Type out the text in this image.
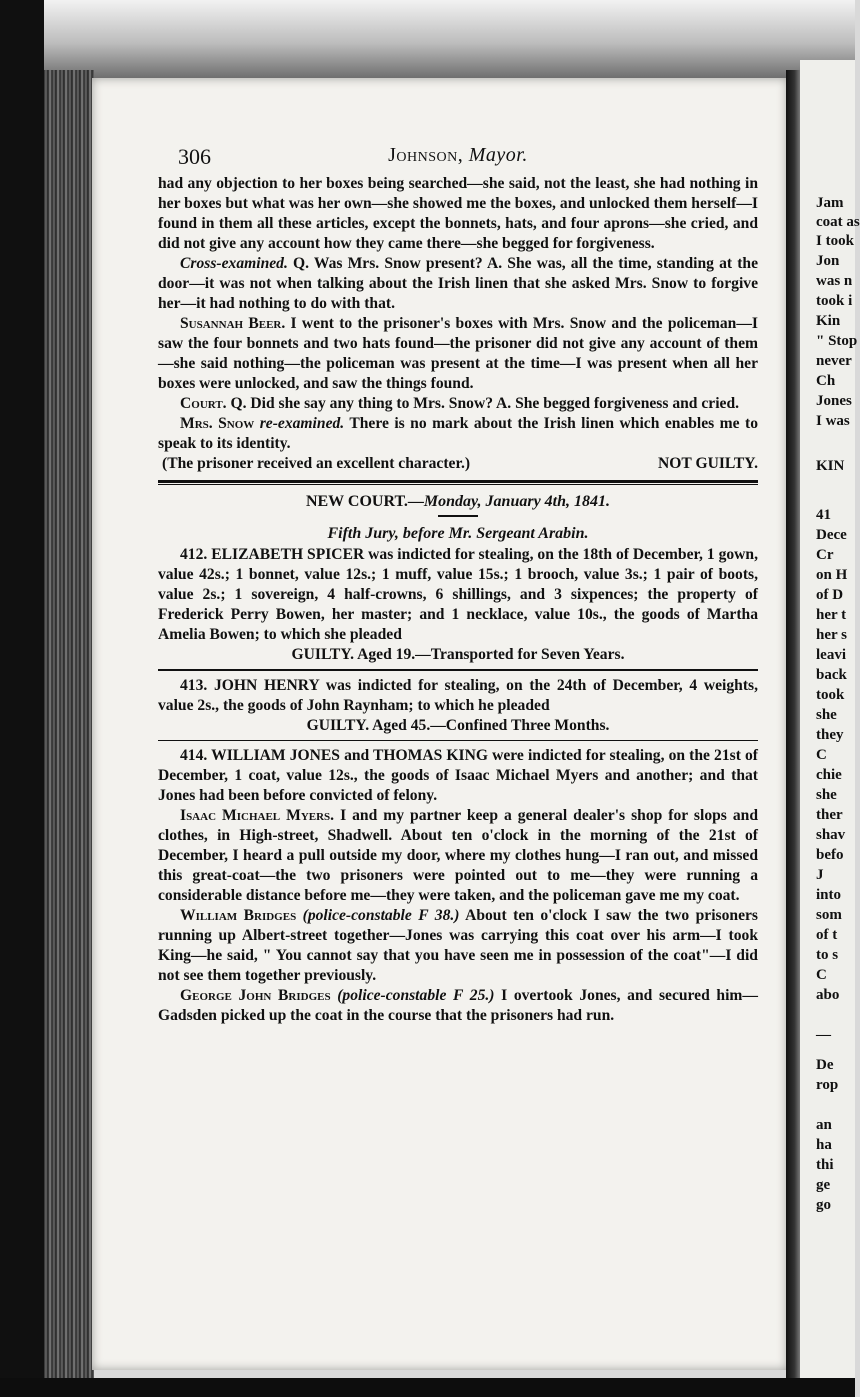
Jam
coat as
I took
Jon
was n
took i
Kin
" Stop
never
Ch
Jones
I was
KIN
41
Dece
Cr
on H
of D
her t
her s
leavi
back
took
she
they
C
chie
she
ther
shav
befo
J
into
som
of t
to s
C
abo
—
De
rop
an
ha
thi
ge
go
306	Johnson, Mayor.

had any objection to her boxes being searched—she said, not the least, she had nothing in her boxes but what was her own—she showed me the boxes, and unlocked them herself—I found in them all these articles, except the bonnets, hats, and four aprons—she cried, and did not give any account how they came there—she begged for forgiveness.

Cross-examined. Q. Was Mrs. Snow present? A. She was, all the time, standing at the door—it was not when talking about the Irish linen that she asked Mrs. Snow to forgive her—it had nothing to do with that.

Susannah Beer. I went to the prisoner's boxes with Mrs. Snow and the policeman—I saw the four bonnets and two hats found—the prisoner did not give any account of them—she said nothing—the policeman was present at the time—I was present when all her boxes were unlocked, and saw the things found.

Court. Q. Did she say any thing to Mrs. Snow? A. She begged forgiveness and cried.

Mrs. Snow re-examined. There is no mark about the Irish linen which enables me to speak to its identity.

(The prisoner received an excellent character.)	NOT GUILTY.
NEW COURT.—Monday, January 4th, 1841.
Fifth Jury, before Mr. Sergeant Arabin.

412. ELIZABETH SPICER was indicted for stealing, on the 18th of December, 1 gown, value 42s.; 1 bonnet, value 12s.; 1 muff, value 15s.; 1 brooch, value 3s.; 1 pair of boots, value 2s.; 1 sovereign, 4 half-crowns, 6 shillings, and 3 sixpences; the property of Frederick Perry Bowen, her master; and 1 necklace, value 10s., the goods of Martha Amelia Bowen; to which she pleaded

GUILTY. Aged 19.—Transported for Seven Years.

413. JOHN HENRY was indicted for stealing, on the 24th of December, 4 weights, value 2s., the goods of John Raynham; to which he pleaded

GUILTY. Aged 45.—Confined Three Months.

414. WILLIAM JONES and THOMAS KING were indicted for stealing, on the 21st of December, 1 coat, value 12s., the goods of Isaac Michael Myers and another; and that Jones had been before convicted of felony.

Isaac Michael Myers. I and my partner keep a general dealer's shop for slops and clothes, in High-street, Shadwell. About ten o'clock in the morning of the 21st of December, I heard a pull outside my door, where my clothes hung—I ran out, and missed this great-coat—the two prisoners were pointed out to me—they were running a considerable distance before me—they were taken, and the policeman gave me my coat.

William Bridges (police-constable F 38.) About ten o'clock I saw the two prisoners running up Albert-street together—Jones was carrying this coat over his arm—I took King—he said, " You cannot say that you have seen me in possession of the coat"—I did not see them together previously.

George John Bridges (police-constable F 25.) I overtook Jones, and secured him—Gadsden picked up the coat in the course that the prisoners had run.
